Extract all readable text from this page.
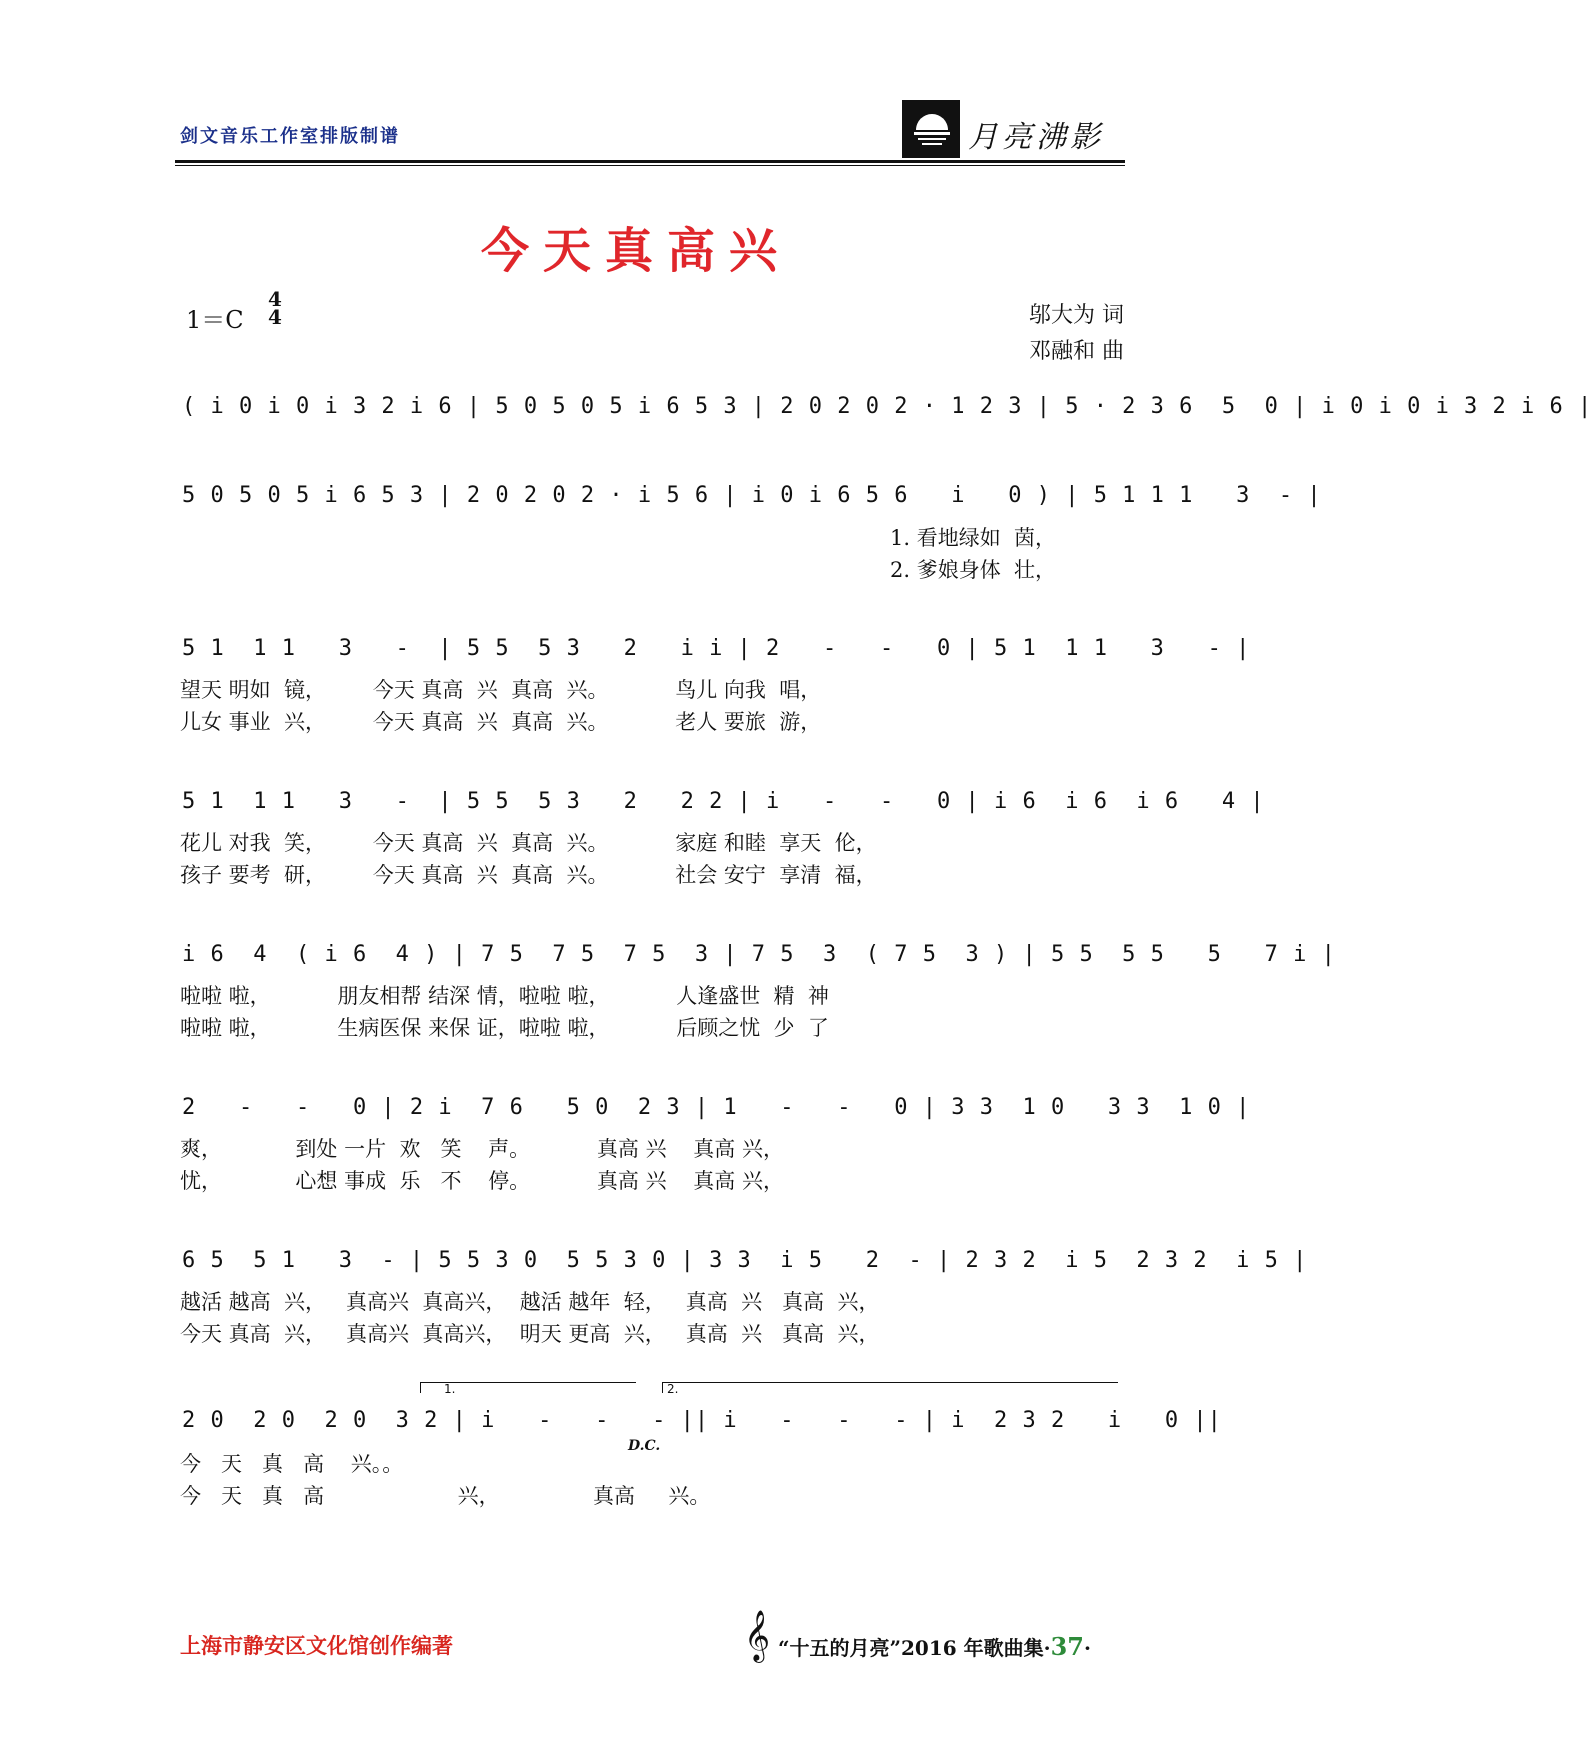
剑文音乐工作室排版制谱	月亮沸影
今天真高兴
1＝C
4
4	邬大为 词
邓融和 曲
( i 0 i 0 i 3 2 i 6 | 5 0 5 0 5 i 6 5 3 | 2 0 2 0 2 · 1 2 3 | 5 · 2 3 6  5  0 | i 0 i 0 i 3 2 i 6 |
5 0 5 0 5 i 6 5 3 | 2 0 2 0 2 · i 5 6 | i 0 i 6 5 6   i   0 ) | 5 1 1 1   3  - |
1. 看地绿如  茵，
2. 爹娘身体  壮，
5 1  1 1   3   -  | 5 5  5 3   2   i i | 2   -   -   0 | 5 1  1 1   3   - |
望天 明如  镜，       今天 真高  兴  真高  兴。          鸟儿 向我  唱，
儿女 事业  兴，       今天 真高  兴  真高  兴。          老人 要旅  游，
5 1  1 1   3   -  | 5 5  5 3   2   2 2 | i   -   -   0 | i 6  i 6  i 6   4 |
花儿 对我  笑，       今天 真高  兴  真高  兴。          家庭 和睦  享天  伦，
孩子 要考  研，       今天 真高  兴  真高  兴。          社会 安宁  享清  福，
i 6  4  ( i 6  4 ) | 7 5  7 5  7 5  3 | 7 5  3  ( 7 5  3 ) | 5 5  5 5   5   7 i |
啦啦 啦，          朋友相帮 结深 情，啦啦 啦，          人逢盛世  精  神
啦啦 啦，          生病医保 来保 证，啦啦 啦，          后顾之忧  少  了
2   -   -   0 | 2 i  7 6   5 0  2 3 | 1   -   -   0 | 3 3  1 0   3 3  1 0 |
爽，           到处 一片  欢   笑    声。          真高 兴    真高 兴，
忧，           心想 事成  乐   不    停。          真高 兴    真高 兴，
6 5  5 1   3  - | 5 5 3 0  5 5 3 0 | 3 3  i 5   2  - | 2 3 2  i 5  2 3 2  i 5 |
越活 越高  兴，   真高兴  真高兴，  越活 越年  轻，   真高  兴   真高  兴，
今天 真高  兴，   真高兴  真高兴，  明天 更高  兴，   真高  兴   真高  兴，
1.	2.
2 0  2 0  2 0  3 2 | i   -   -   - || i   -   -   - | i  2 3 2   i   0 ||
D.C.
今   天   真   高    兴。。
今   天   真   高                    兴，              真高     兴。
上海市静安区文化馆创作编著	𝄞 “十五的月亮”2016 年歌曲集·37·
